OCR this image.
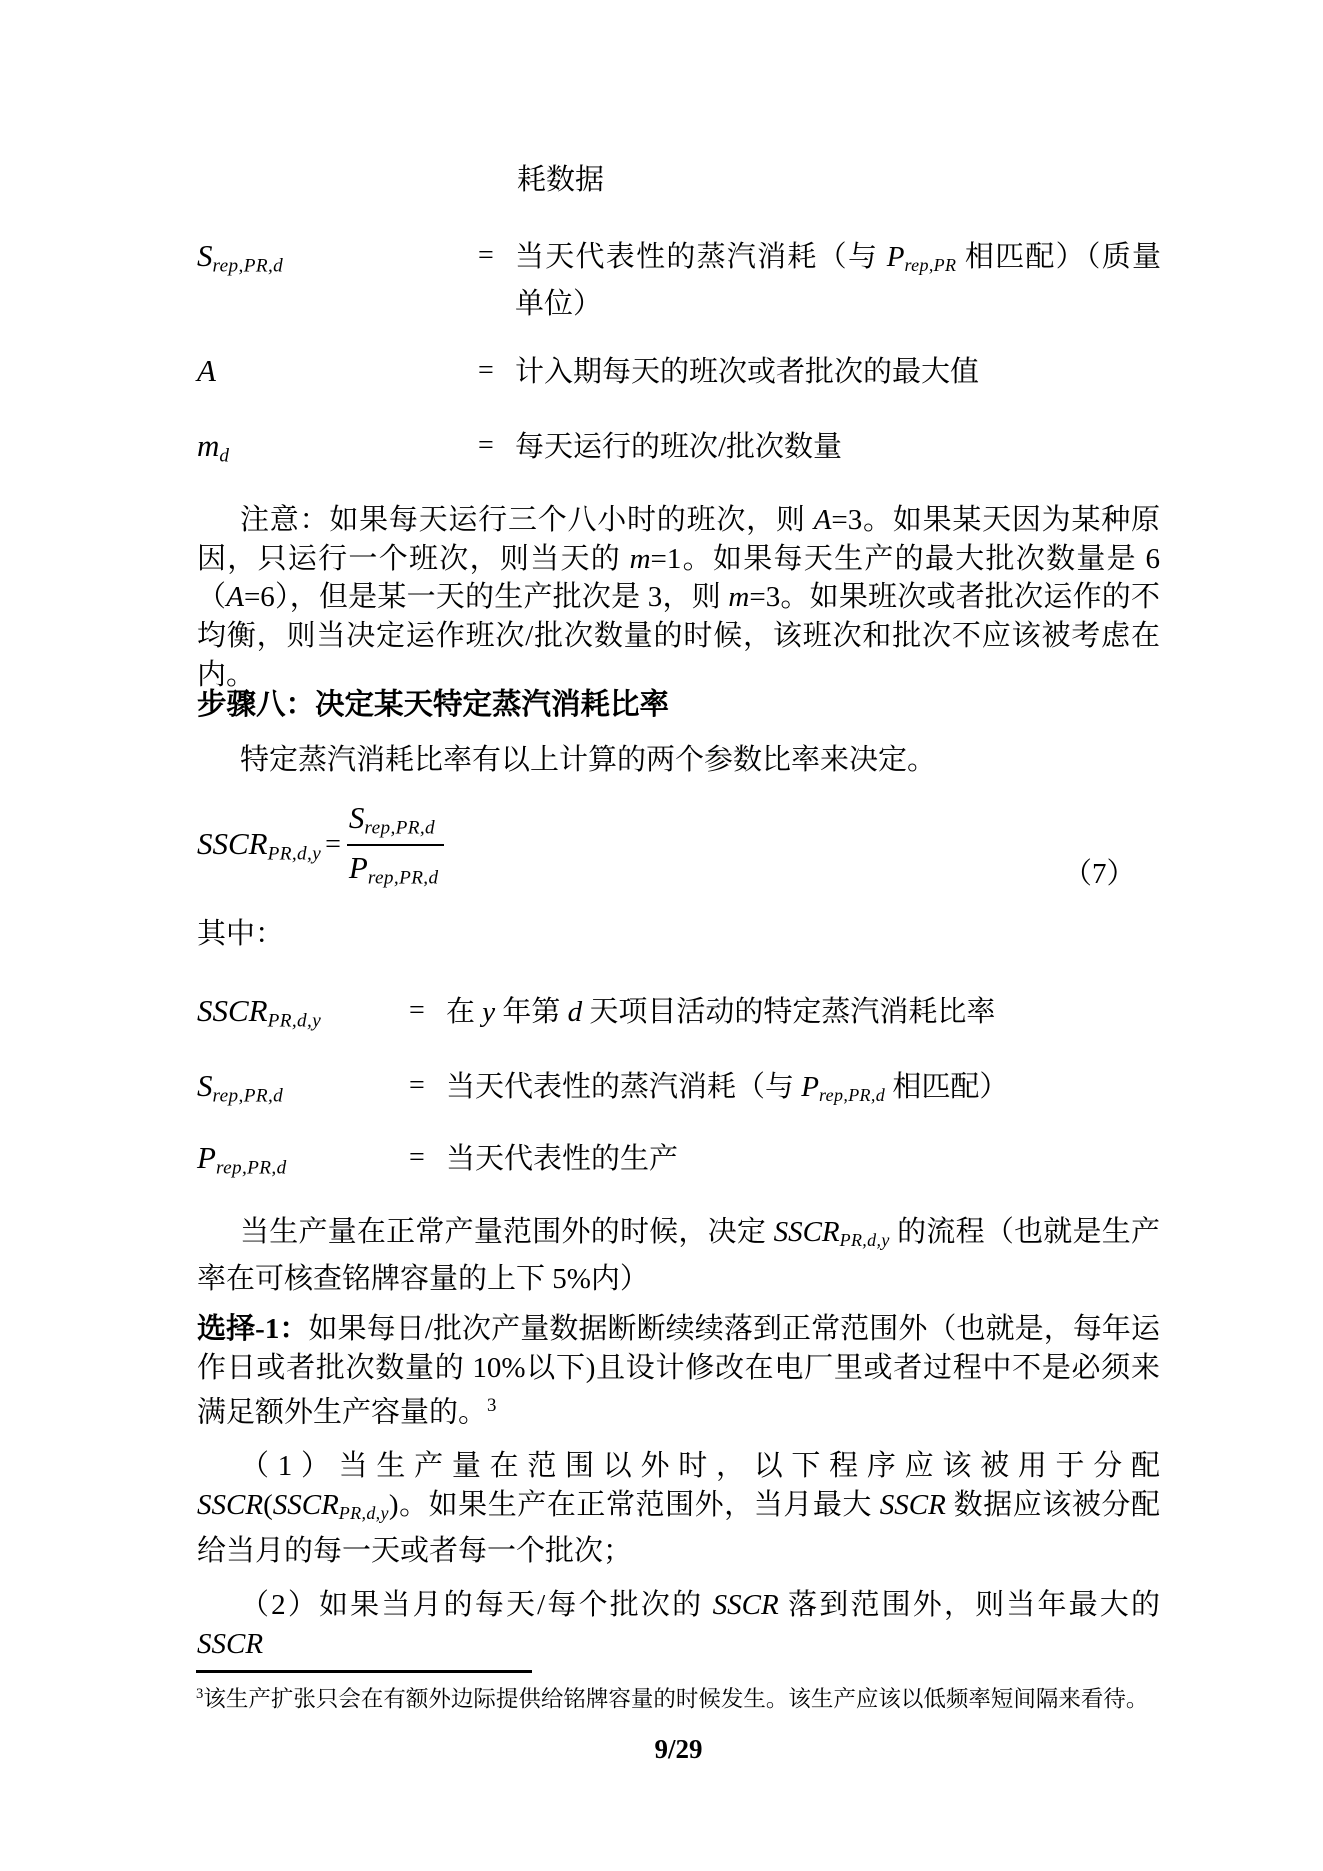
耗数据
Srep,PR,d	= 当天代表性的蒸汽消耗（与 Prep,PR 相匹配）（质量单位）
A	= 计入期每天的班次或者批次的最大值
md	= 每天运行的班次/批次数量
注意：如果每天运行三个八小时的班次，则 A=3。如果某天因为某种原因，只运行一个班次，则当天的 m=1。如果每天生产的最大批次数量是 6（A=6），但是某一天的生产批次是 3，则 m=3。如果班次或者批次运作的不均衡，则当决定运作班次/批次数量的时候，该班次和批次不应该被考虑在内。
步骤八：决定某天特定蒸汽消耗比率
特定蒸汽消耗比率有以上计算的两个参数比率来决定。
SSCRPR,d,y = $\frac{\text{Srep,PR,d}}{\text{Prep,PR,d}}$	（7）
其中：
SSCRPR,d,y	= 在 y 年第 d 天项目活动的特定蒸汽消耗比率
Srep,PR,d	= 当天代表性的蒸汽消耗（与 Prep,PR,d 相匹配）
Prep,PR,d	= 当天代表性的生产
当生产量在正常产量范围外的时候，决定 SSCRPR,d,y 的流程（也就是生产率在可核查铭牌容量的上下 5%内）
选择-1：如果每日/批次产量数据断断续续落到正常范围外（也就是，每年运作日或者批次数量的 10%以下)且设计修改在电厂里或者过程中不是必须来满足额外生产容量的。$^3$
（1）当生产量在范围以外时，以下程序应该被用于分配 SSCR(SSCRPR,d,y)。如果生产在正常范围外，当月最大 SSCR 数据应该被分配给当月的每一天或者每一个批次；
（2）如果当月的每天/每个批次的 SSCR 落到范围外，则当年最大的 SSCR
$^3$该生产扩张只会在有额外边际提供给铭牌容量的时候发生。该生产应该以低频率短间隔来看待。
9/29
